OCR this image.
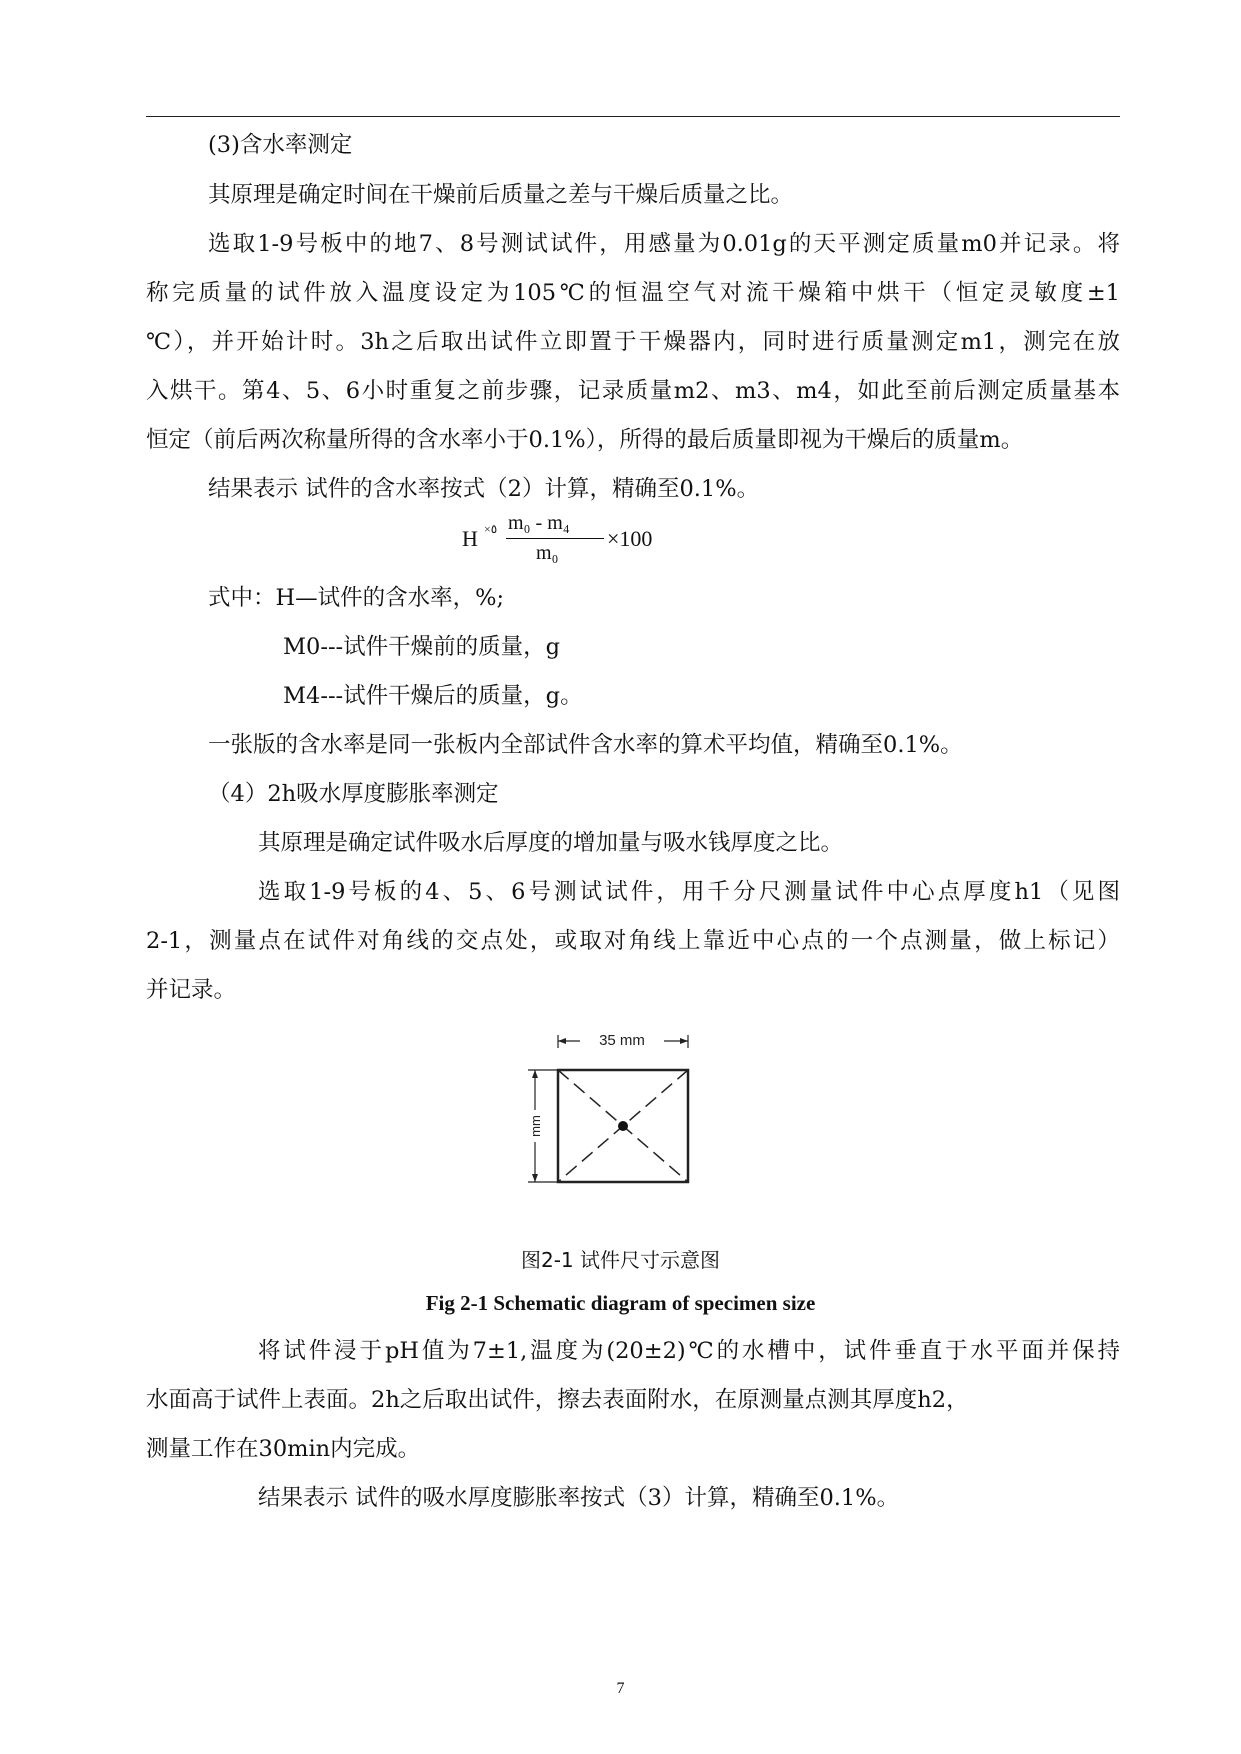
(3)含水率测定
其原理是确定时间在干燥前后质量之差与干燥后质量之比。
选取1-9号板中的地7、8号测试试件，用感量为0.01g的天平测定质量m0并记录。将
称完质量的试件放入温度设定为105℃的恒温空气对流干燥箱中烘干（恒定灵敏度±1
℃），并开始计时。3h之后取出试件立即置于干燥器内，同时进行质量测定m1，测完在放
入烘干。第4、5、6小时重复之前步骤，记录质量m2、m3、m4，如此至前后测定质量基本
恒定（前后两次称量所得的含水率小于0.1%），所得的最后质量即视为干燥后的质量m。
结果表示 试件的含水率按式（2）计算，精确至0.1%。
H ×٥ m₀ - m₄
m₀
×100
式中：H—试件的含水率，%;
M0---试件干燥前的质量，g
M4---试件干燥后的质量，g。
一张版的含水率是同一张板内全部试件含水率的算术平均值，精确至0.1%。
（4）2h吸水厚度膨胀率测定
其原理是确定试件吸水后厚度的增加量与吸水钱厚度之比。
选取1-9号板的4、5、6号测试试件，用千分尺测量试件中心点厚度h1（见图
2-1，测量点在试件对角线的交点处，或取对角线上靠近中心点的一个点测量，做上标记）
并记录。
35 mm
mm
图2-1 试件尺寸示意图
Fig 2-1 Schematic diagram of specimen size
将试件浸于pH值为7±1,温度为(20±2)℃的水槽中，试件垂直于水平面并保持
水面高于试件上表面。2h之后取出试件，擦去表面附水，在原测量点测其厚度h2，
测量工作在30min内完成。
结果表示 试件的吸水厚度膨胀率按式（3）计算，精确至0.1%。
7
